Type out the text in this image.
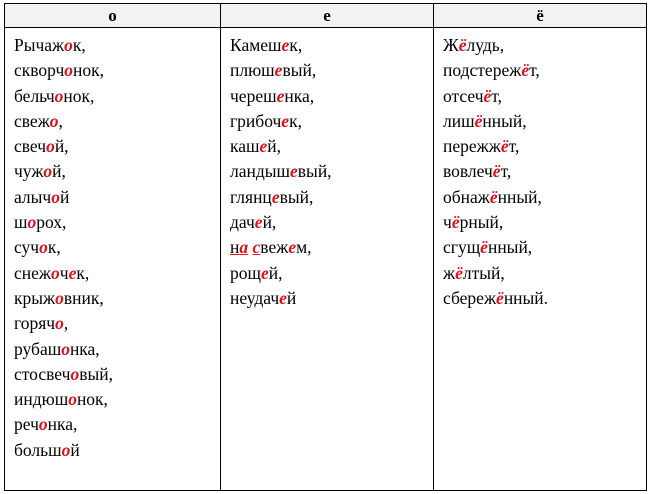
о	е	ё
Рычажок,
скворчонок,
бельчонок,
свежо,
свечой,
чужой,
алычой
шорох,
сучок,
снежочек,
крыжовник,
горячо,
рубашонка,
стосвечовый,
индюшонок,
речонка,
большой
Камешек,
плюшевый,
черешенка,
грибочек,
кашей,
ландышевый,
глянцевый,
дачей,
на свежем,
рощей,
неудачей
Жёлудь,
подстережёт,
отсечёт,
лишённый,
пережжёт,
вовлечёт,
обнажённый,
чёрный,
сгущённый,
жёлтый,
сбережённый.
